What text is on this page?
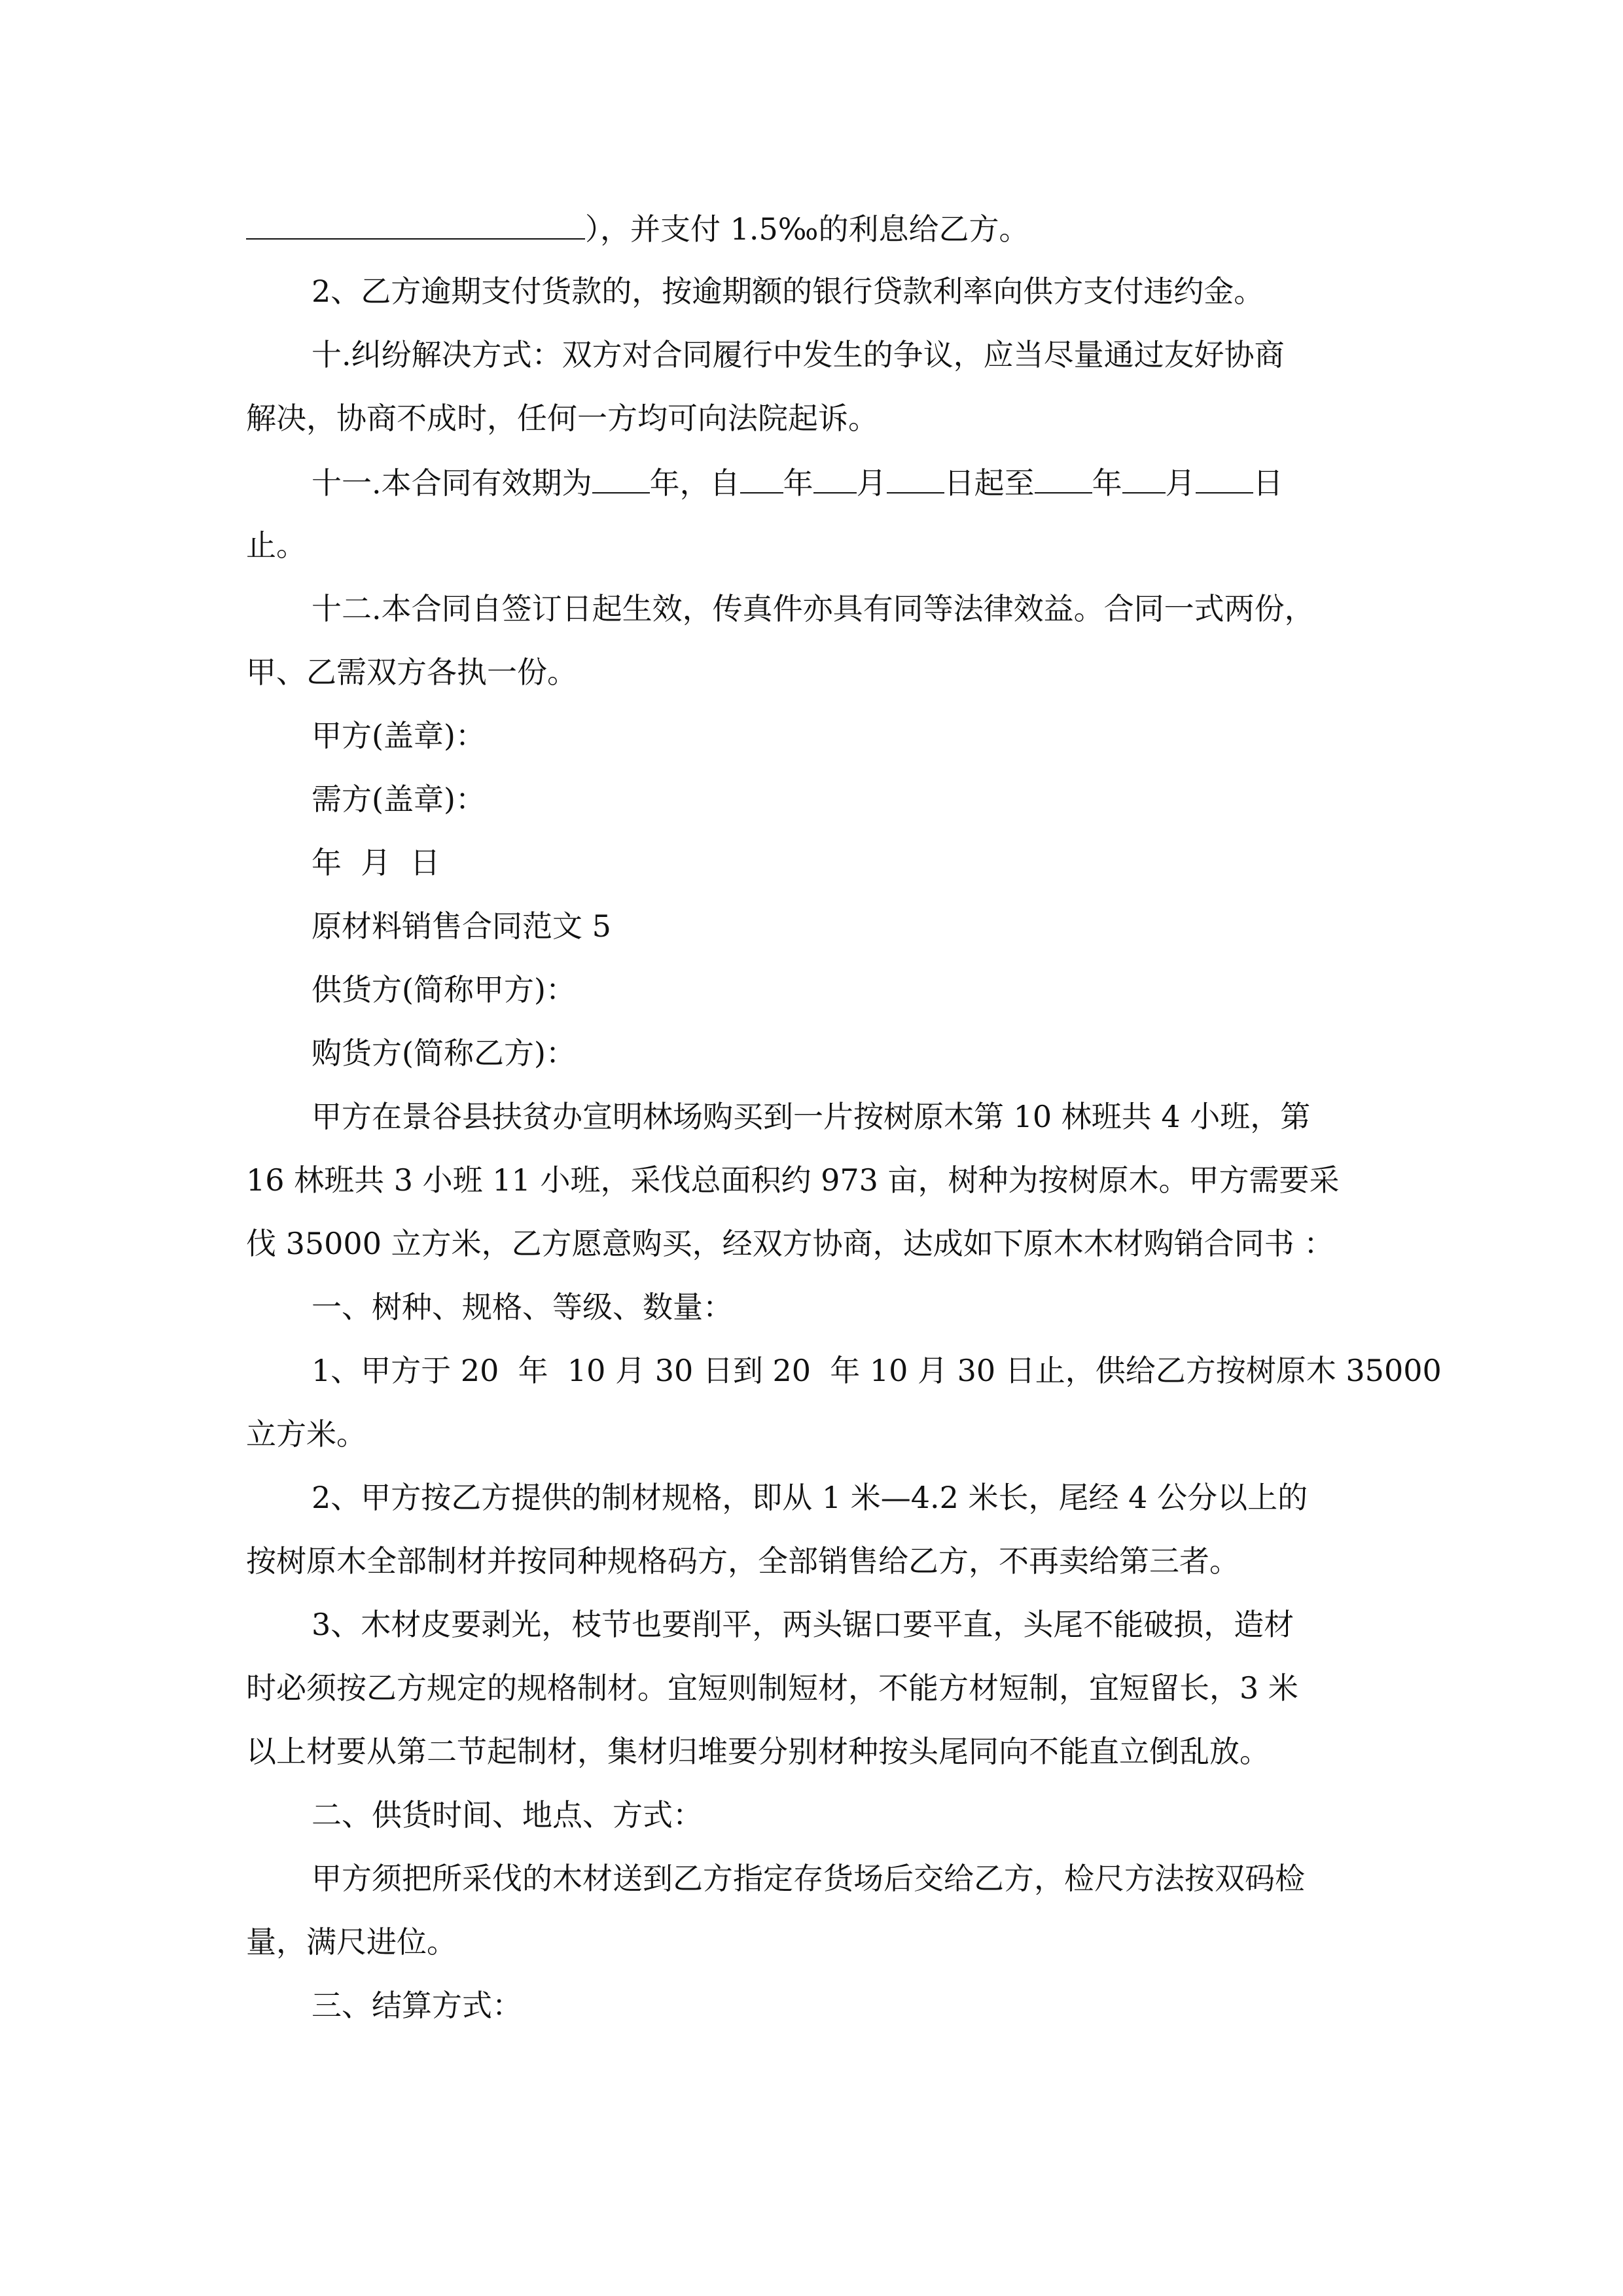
），并支付 1.5‰的利息给乙方。
2、乙方逾期支付货款的，按逾期额的银行贷款利率向供方支付违约金。
十.纠纷解决方式：双方对合同履行中发生的争议，应当尽量通过友好协商
解决，协商不成时，任何一方均可向法院起诉。
十一.本合同有效期为 年，自 年 月 日起至 年 月 日
止。
十二.本合同自签订日起生效，传真件亦具有同等法律效益。合同一式两份，
甲、乙需双方各执一份。
甲方(盖章)：
需方(盖章)：
年  月  日
原材料销售合同范文 5
供货方(简称甲方)：
购货方(简称乙方)：
甲方在景谷县扶贫办宣明林场购买到一片按树原木第 10 林班共 4 小班，第
16 林班共 3 小班 11 小班，采伐总面积约 973 亩，树种为按树原木。甲方需要采
伐 35000 立方米，乙方愿意购买，经双方协商，达成如下原木木材购销合同书 ：
一、树种、规格、等级、数量：
1、甲方于 20  年  10 月 30 日到 20  年 10 月 30 日止，供给乙方按树原木 35000
立方米。
2、甲方按乙方提供的制材规格，即从 1 米—4.2 米长，尾经 4 公分以上的
按树原木全部制材并按同种规格码方，全部销售给乙方，不再卖给第三者。
3、木材皮要剥光，枝节也要削平，两头锯口要平直，头尾不能破损，造材
时必须按乙方规定的规格制材。宜短则制短材，不能方材短制，宜短留长，3 米
以上材要从第二节起制材，集材归堆要分别材种按头尾同向不能直立倒乱放。
二、供货时间、地点、方式：
甲方须把所采伐的木材送到乙方指定存货场后交给乙方，检尺方法按双码检
量，满尺进位。
三、结算方式：
